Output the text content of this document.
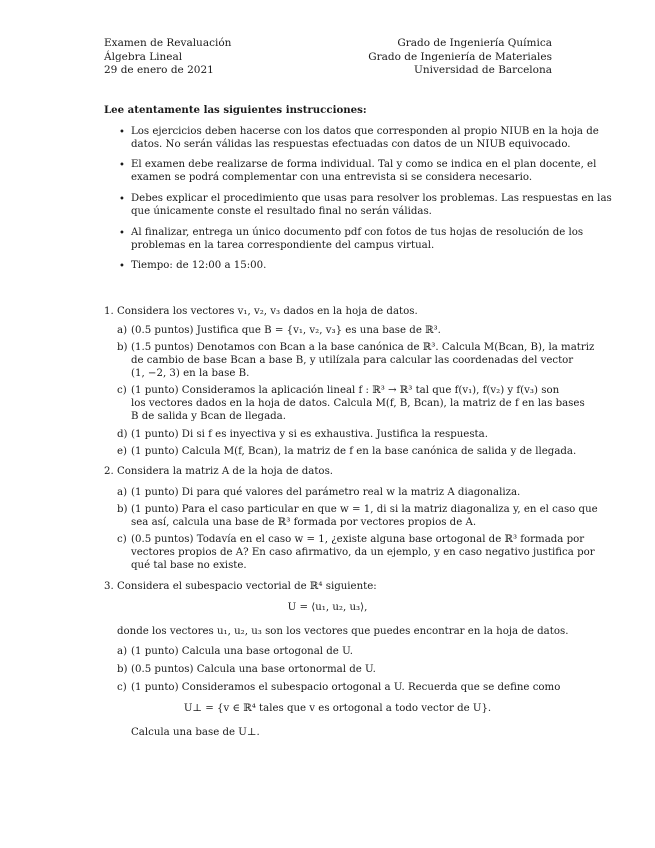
Examen de Revaluación
Álgebra Lineal
29 de enero de 2021
Grado de Ingeniería Química
Grado de Ingeniería de Materiales
Universidad de Barcelona
Lee atentamente las siguientes instrucciones:
• Los ejercicios deben hacerse con los datos que corresponden al propio NIUB en la hoja de
datos. No serán válidas las respuestas efectuadas con datos de un NIUB equivocado.
• El examen debe realizarse de forma individual. Tal y como se indica en el plan docente, el
examen se podrá complementar con una entrevista si se considera necesario.
• Debes explicar el procedimiento que usas para resolver los problemas. Las respuestas en las
que únicamente conste el resultado final no serán válidas.
• Al finalizar, entrega un único documento pdf con fotos de tus hojas de resolución de los
problemas en la tarea correspondiente del campus virtual.
• Tiempo: de 12:00 a 15:00.
1. Considera los vectores v₁, v₂, v₃ dados en la hoja de datos.
a) (0.5 puntos) Justifica que B = {v₁, v₂, v₃} es una base de ℝ³.
b) (1.5 puntos) Denotamos con Bcan a la base canónica de ℝ³. Calcula M(Bcan, B), la matriz
de cambio de base Bcan a base B, y utilízala para calcular las coordenadas del vector
(1, −2, 3) en la base B.
c) (1 punto) Consideramos la aplicación lineal f : ℝ³ → ℝ³ tal que f(v₁), f(v₂) y f(v₃) son
los vectores dados en la hoja de datos. Calcula M(f, B, Bcan), la matriz de f en las bases
B de salida y Bcan de llegada.
d) (1 punto) Di si f es inyectiva y si es exhaustiva. Justifica la respuesta.
e) (1 punto) Calcula M(f, Bcan), la matriz de f en la base canónica de salida y de llegada.
2. Considera la matriz A de la hoja de datos.
a) (1 punto) Di para qué valores del parámetro real w la matriz A diagonaliza.
b) (1 punto) Para el caso particular en que w = 1, di si la matriz diagonaliza y, en el caso que
sea así, calcula una base de ℝ³ formada por vectores propios de A.
c) (0.5 puntos) Todavía en el caso w = 1, ¿existe alguna base ortogonal de ℝ³ formada por
vectores propios de A? En caso afirmativo, da un ejemplo, y en caso negativo justifica por
qué tal base no existe.
3. Considera el subespacio vectorial de ℝ⁴ siguiente:
U = ⟨u₁, u₂, u₃⟩,
donde los vectores u₁, u₂, u₃ son los vectores que puedes encontrar en la hoja de datos.
a) (1 punto) Calcula una base ortogonal de U.
b) (0.5 puntos) Calcula una base ortonormal de U.
c) (1 punto) Consideramos el subespacio ortogonal a U. Recuerda que se define como
U⊥ = {v ∈ ℝ⁴ tales que v es ortogonal a todo vector de U}.
Calcula una base de U⊥.
